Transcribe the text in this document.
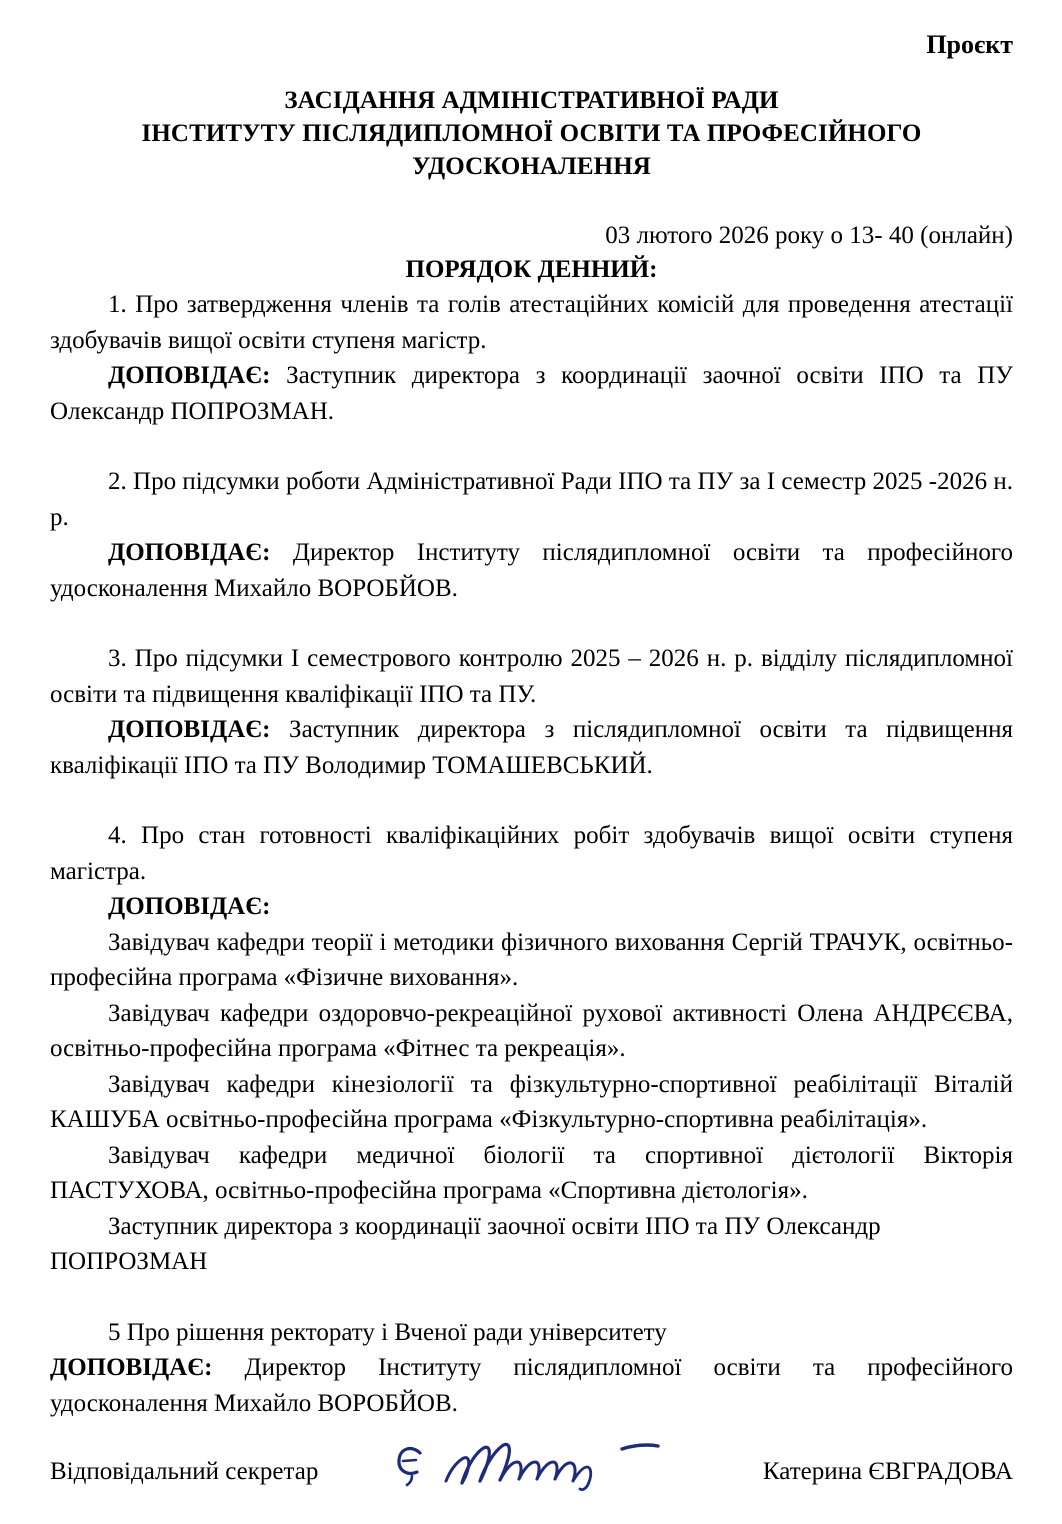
Проєкт
ЗАСІДАННЯ АДМІНІСТРАТИВНОЇ РАДИ
ІНСТИТУТУ ПІСЛЯДИПЛОМНОЇ ОСВІТИ ТА ПРОФЕСІЙНОГО
УДОСКОНАЛЕННЯ
03 лютого 2026 року о 13- 40 (онлайн)
ПОРЯДОК ДЕННИЙ:

1. Про затвердження членів та голів атестаційних комісій для проведення атестації здобувачів вищої освіти ступеня магістр.

ДОПОВІДАЄ: Заступник директора з координації заочної освіти ІПО та ПУ Олександр ПОПРОЗМАН.

2. Про підсумки роботи Адміністративної Ради ІПО та ПУ за І семестр 2025 -2026 н. р.

ДОПОВІДАЄ: Директор Інституту післядипломної освіти та професійного удосконалення Михайло ВОРОБЙОВ.

3. Про підсумки І семестрового контролю 2025 – 2026 н. р. відділу післядипломної освіти та підвищення кваліфікації ІПО та ПУ.

ДОПОВІДАЄ: Заступник директора з післядипломної освіти та підвищення кваліфікації ІПО та ПУ Володимир ТОМАШЕВСЬКИЙ.

4. Про стан готовності кваліфікаційних робіт здобувачів вищої освіти ступеня магістра.

ДОПОВІДАЄ:

Завідувач кафедри теорії і методики фізичного виховання Сергій ТРАЧУК, освітньо-професійна програма «Фізичне виховання».

Завідувач кафедри оздоровчо-рекреаційної рухової активності Олена АНДРЄЄВА, освітньо-професійна програма «Фітнес та рекреація».

Завідувач кафедри кінезіології та фізкультурно-спортивної реабілітації Віталій КАШУБА освітньо-професійна програма «Фізкультурно-спортивна реабілітація».

Завідувач кафедри медичної біології та спортивної дієтології Вікторія ПАСТУХОВА, освітньо-професійна програма «Спортивна дієтологія».

Заступник директора з координації заочної освіти ІПО та ПУ Олександр ПОПРОЗМАН

5 Про рішення ректорату і Вченої ради університету

ДОПОВІДАЄ: Директор Інституту післядипломної освіти та професійного удосконалення Михайло ВОРОБЙОВ.

Відповідальний секретар	Катерина ЄВГРАДОВА
